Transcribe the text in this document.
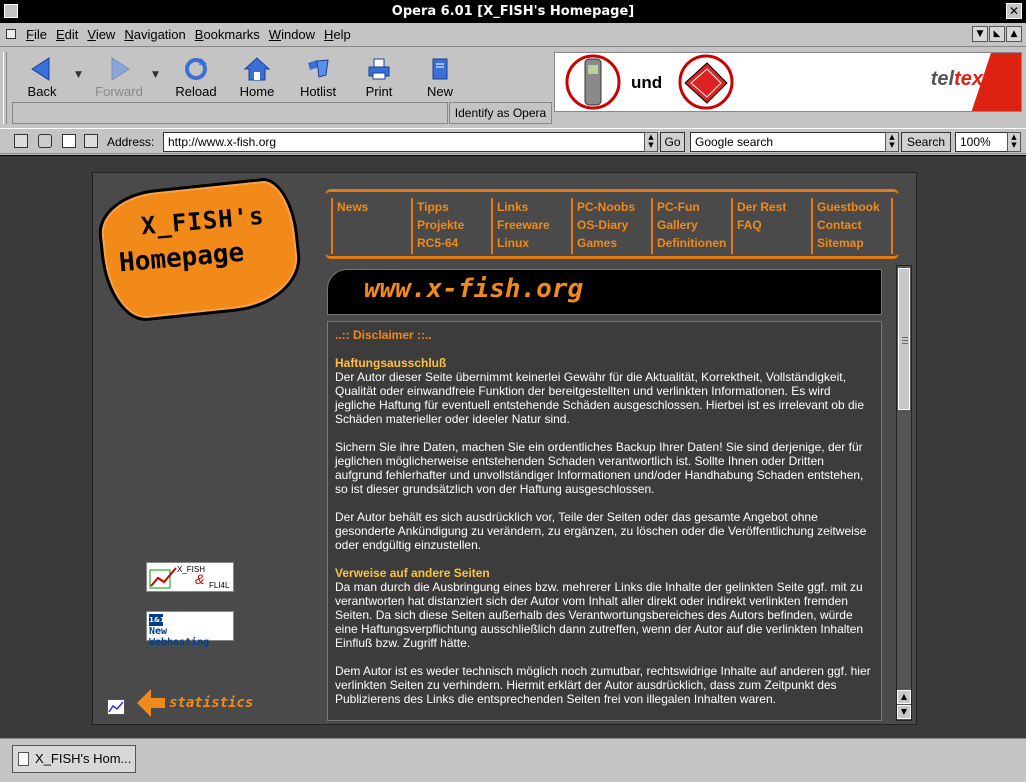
Opera 6.01 [X_FISH's Homepage]	✕
File Edit View Navigation Bookmarks Window Help	▼	◣	▲
Back
▼
Forward
▼
Reload	Home	Hotlist	Print	New
Identify as Opera
und	teltex
Address:	http://www.x-fish.org	▲
▼ Go	Google search	▲
▼	Search	100%	▲
▼
X_FISH's
Homepage
News	Tipps
Projekte
RC5-64
Links
Freeware
Linux
PC-Noobs
OS-Diary
Games
PC-Fun
Gallery
Definitionen
Der Rest
FAQ
Guestbook
Contact
Sitemap
www.x-fish.org
..:: Disclaimer ::..
Haftungsausschluß

Der Autor dieser Seite übernimmt keinerlei Gewähr für die Aktualität, Korrektheit, Vollständigkeit, Qualität oder einwandfreie Funktion der bereitgestellten und verlinkten Informationen. Es wird jegliche Haftung für eventuell entstehende Schäden ausgeschlossen. Hierbei ist es irrelevant ob die Schäden materieller oder ideeler Natur sind.

Sichern Sie ihre Daten, machen Sie ein ordentliches Backup Ihrer Daten! Sie sind derjenige, der für jeglichen möglicherweise entstehenden Schaden verantwortlich ist. Sollte Ihnen oder Dritten aufgrund fehlerhafter und unvollständiger Informationen und/oder Handhabung Schaden entstehen, so ist dieser grundsätzlich von der Haftung ausgeschlossen.

Der Autor behält es sich ausdrücklich vor, Teile der Seiten oder das gesamte Angebot ohne gesonderte Ankündigung zu verändern, zu ergänzen, zu löschen oder die Veröffentlichung zeitweise oder endgültig einzustellen.

Verweise auf andere Seiten

Da man durch die Ausbringung eines bzw. mehrerer Links die Inhalte der gelinkten Seite ggf. mit zu verantworten hat distanziert sich der Autor vom Inhalt aller direkt oder indirekt verlinkten fremden Seiten. Da sich diese Seiten außerhalb des Verantwortungsbereiches des Autors befinden, würde eine Haftungsverpflichtung ausschließlich dann zutreffen, wenn der Autor auf die verlinkten Inhalten Einfluß bzw. Zugriff hätte.

Dem Autor ist es weder technisch möglich noch zumutbar, rechtswidrige Inhalte auf anderen ggf. hier verlinkten Seiten zu verhindern. Hiermit erklärt der Autor ausdrücklich, dass zum Zeitpunkt des Publizierens des Links die entsprechenden Seiten frei von illegalen Inhalten waren.	▲
▼
X_FISH
& FLI4L
1&1
New Webhosting
statistics
X_FISH's Hom...
